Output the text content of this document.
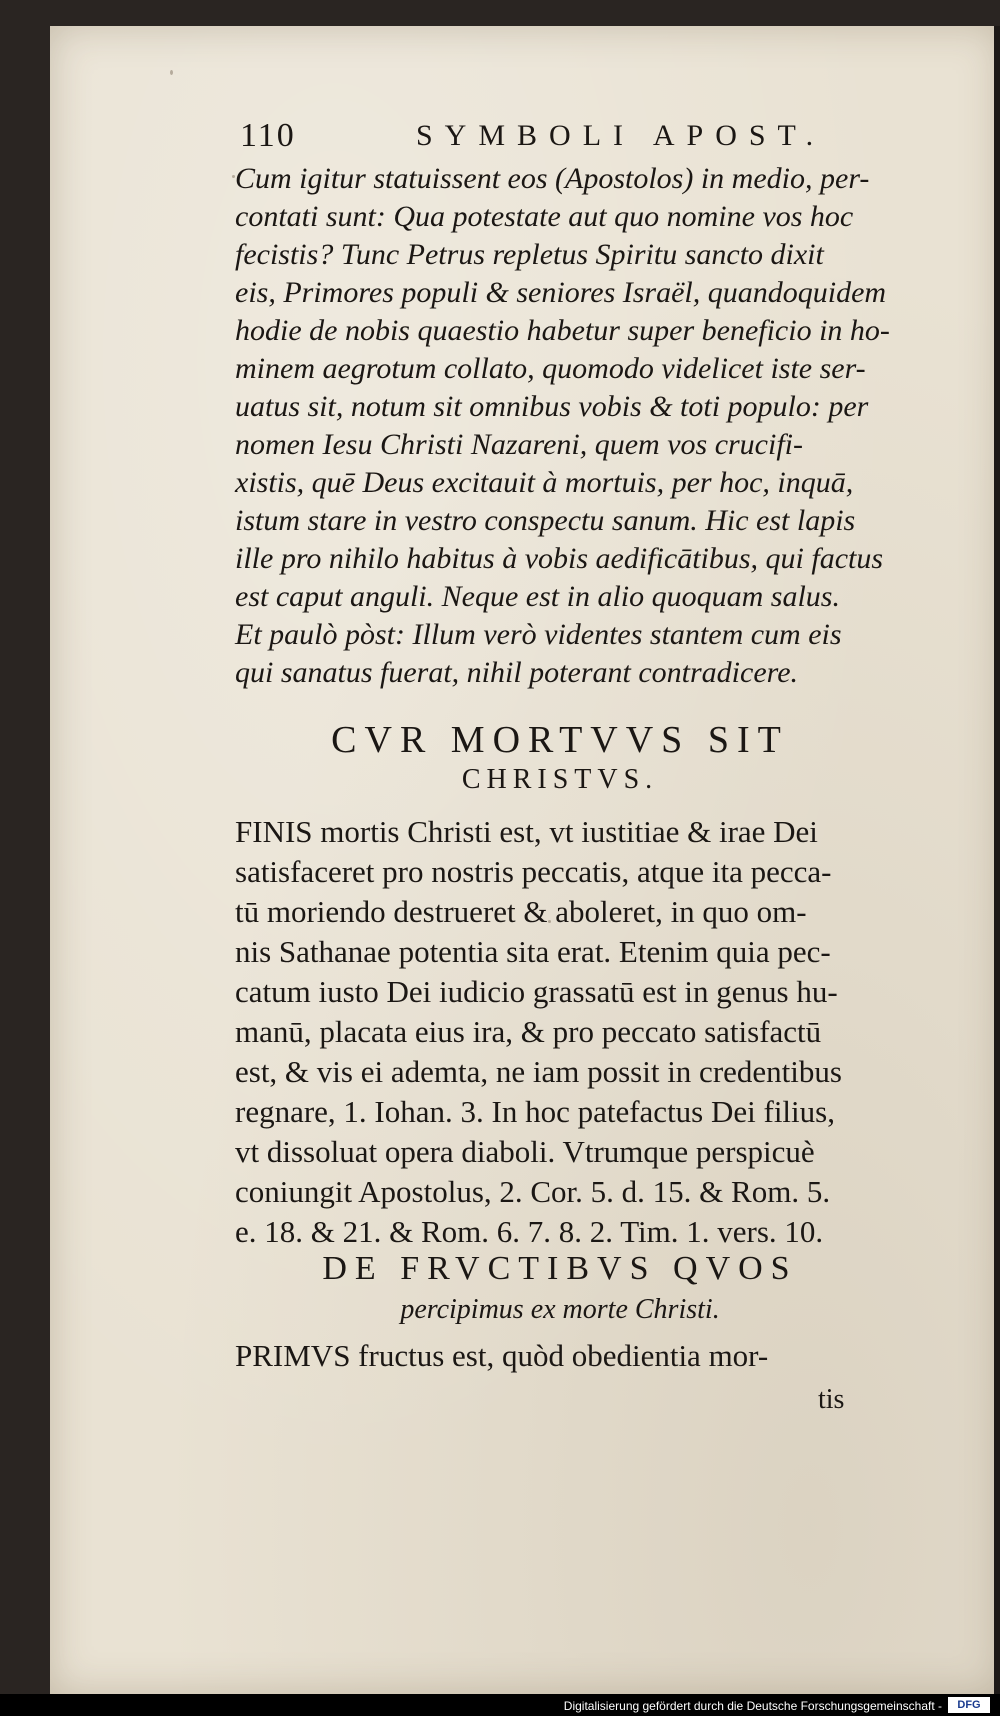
110	SYMBOLI APOST.
Cum igitur statuissent eos (Apostolos) in medio, per-
contati sunt: Qua potestate aut quo nomine vos hoc
fecistis? Tunc Petrus repletus Spiritu sancto dixit
eis, Primores populi & seniores Israël, quandoquidem
hodie de nobis quaestio habetur super beneficio in ho-
minem aegrotum collato, quomodo videlicet iste ser-
uatus sit, notum sit omnibus vobis & toti populo: per
nomen Iesu Christi Nazareni, quem vos crucifi-
xistis, quē Deus excitauit à mortuis, per hoc, inquā,
istum stare in vestro conspectu sanum. Hic est lapis
ille pro nihilo habitus à vobis aedificātibus, qui factus
est caput anguli. Neque est in alio quoquam salus.
Et paulò pòst: Illum verò videntes stantem cum eis
qui sanatus fuerat, nihil poterant contradicere.
CVR MORTVVS SIT
CHRISTVS.
FINIS mortis Christi est, vt iustitiae & irae Dei
satisfaceret pro nostris peccatis, atque ita pecca-
tū moriendo destrueret & aboleret, in quo om-
nis Sathanae potentia sita erat. Etenim quia pec-
catum iusto Dei iudicio grassatū est in genus hu-
manū, placata eius ira, & pro peccato satisfactū
est, & vis ei ademta, ne iam possit in credentibus
regnare, 1. Iohan. 3. In hoc patefactus Dei filius,
vt dissoluat opera diaboli. Vtrumque perspicuè
coniungit Apostolus, 2. Cor. 5. d. 15. & Rom. 5.
e. 18. & 21. & Rom. 6. 7. 8. 2. Tim. 1. vers. 10.
DE FRVCTIBVS QVOS
percipimus ex morte Christi.
PRIMVS fructus est, quòd obedientia mor-
tis
Digitalisierung gefördert durch die Deutsche Forschungsgemeinschaft -	DFG
